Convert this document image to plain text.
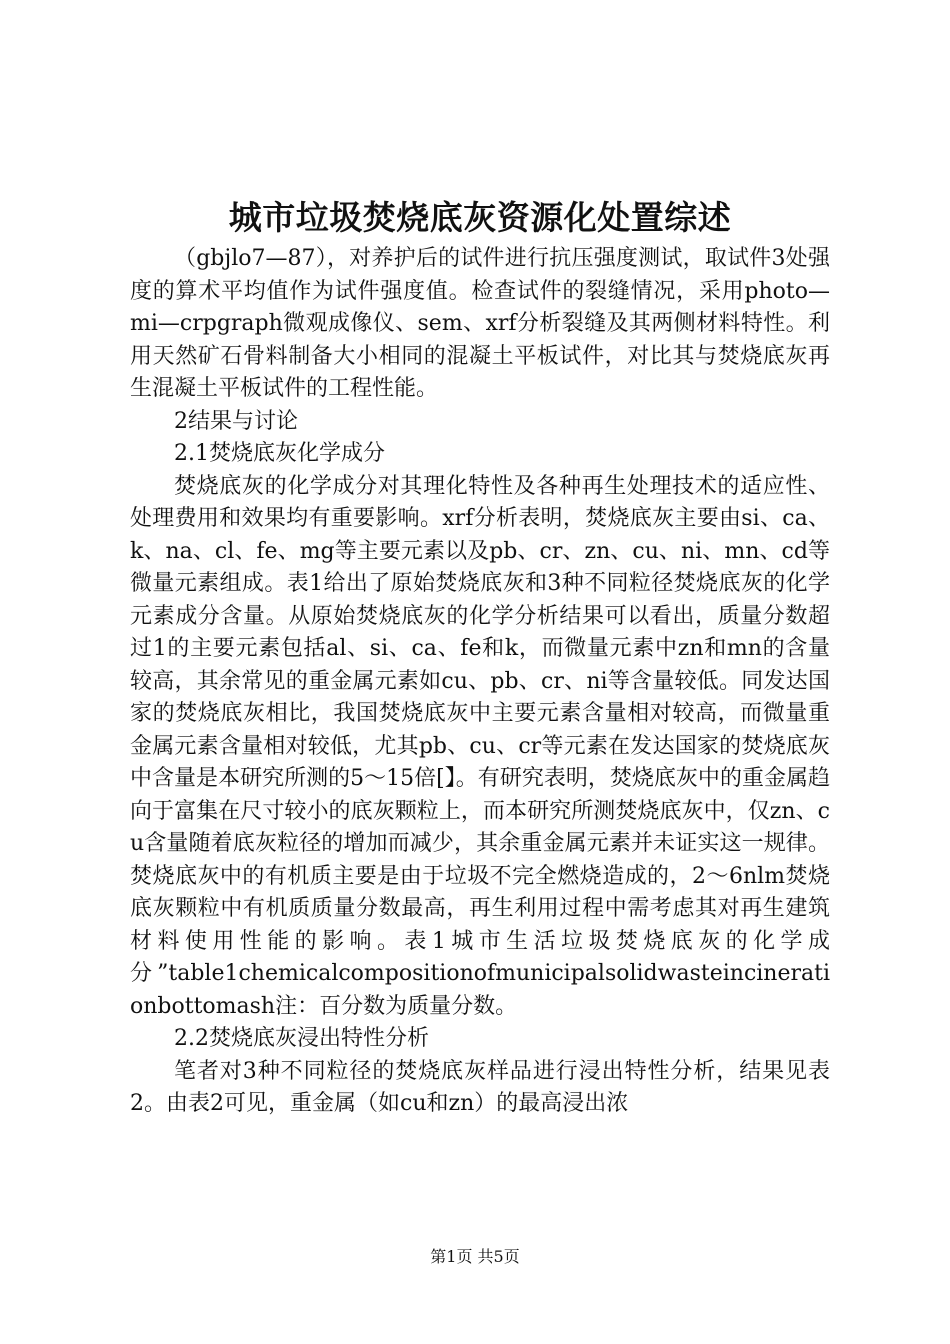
城市垃圾焚烧底灰资源化处置综述

（gbjlo7—87），对养护后的试件进行抗压强度测试，取试件3处强度的算术平均值作为试件强度值。检查试件的裂缝情况，采用photo—mi—crpgraph微观成像仪、sem、xrf分析裂缝及其两侧材料特性。利用天然矿石骨料制备大小相同的混凝土平板试件，对比其与焚烧底灰再生混凝土平板试件的工程性能。

2结果与讨论

2.1焚烧底灰化学成分

焚烧底灰的化学成分对其理化特性及各种再生处理技术的适应性、处理费用和效果均有重要影响。xrf分析表明，焚烧底灰主要由si、ca、k、na、cl、fe、mg等主要元素以及pb、cr、zn、cu、ni、mn、cd等微量元素组成。表1给出了原始焚烧底灰和3种不同粒径焚烧底灰的化学元素成分含量。从原始焚烧底灰的化学分析结果可以看出，质量分数超过1的主要元素包括al、si、ca、fe和k，而微量元素中zn和mn的含量较高，其余常见的重金属元素如cu、pb、cr、ni等含量较低。同发达国家的焚烧底灰相比，我国焚烧底灰中主要元素含量相对较高，而微量重金属元素含量相对较低，尤其pb、cu、cr等元素在发达国家的焚烧底灰中含量是本研究所测的5～15倍[】。有研究表明，焚烧底灰中的重金属趋向于富集在尺寸较小的底灰颗粒上，而本研究所测焚烧底灰中，仅zn、cu含量随着底灰粒径的增加而减少，其余重金属元素并未证实这一规律。焚烧底灰中的有机质主要是由于垃圾不完全燃烧造成的，2～6nlm焚烧底灰颗粒中有机质质量分数最高，再生利用过程中需考虑其对再生建筑材料使用性能的影响。表1城市生活垃圾焚烧底灰的化学成

分”table1chemicalcompositionofmunicipalsolidwasteincinerationbottomash注：百分数为质量分数。

2.2焚烧底灰浸出特性分析

笔者对3种不同粒径的焚烧底灰样品进行浸出特性分析，结果见表2。由表2可见，重金属（如cu和zn）的最高浸出浓

第1页 共5页
